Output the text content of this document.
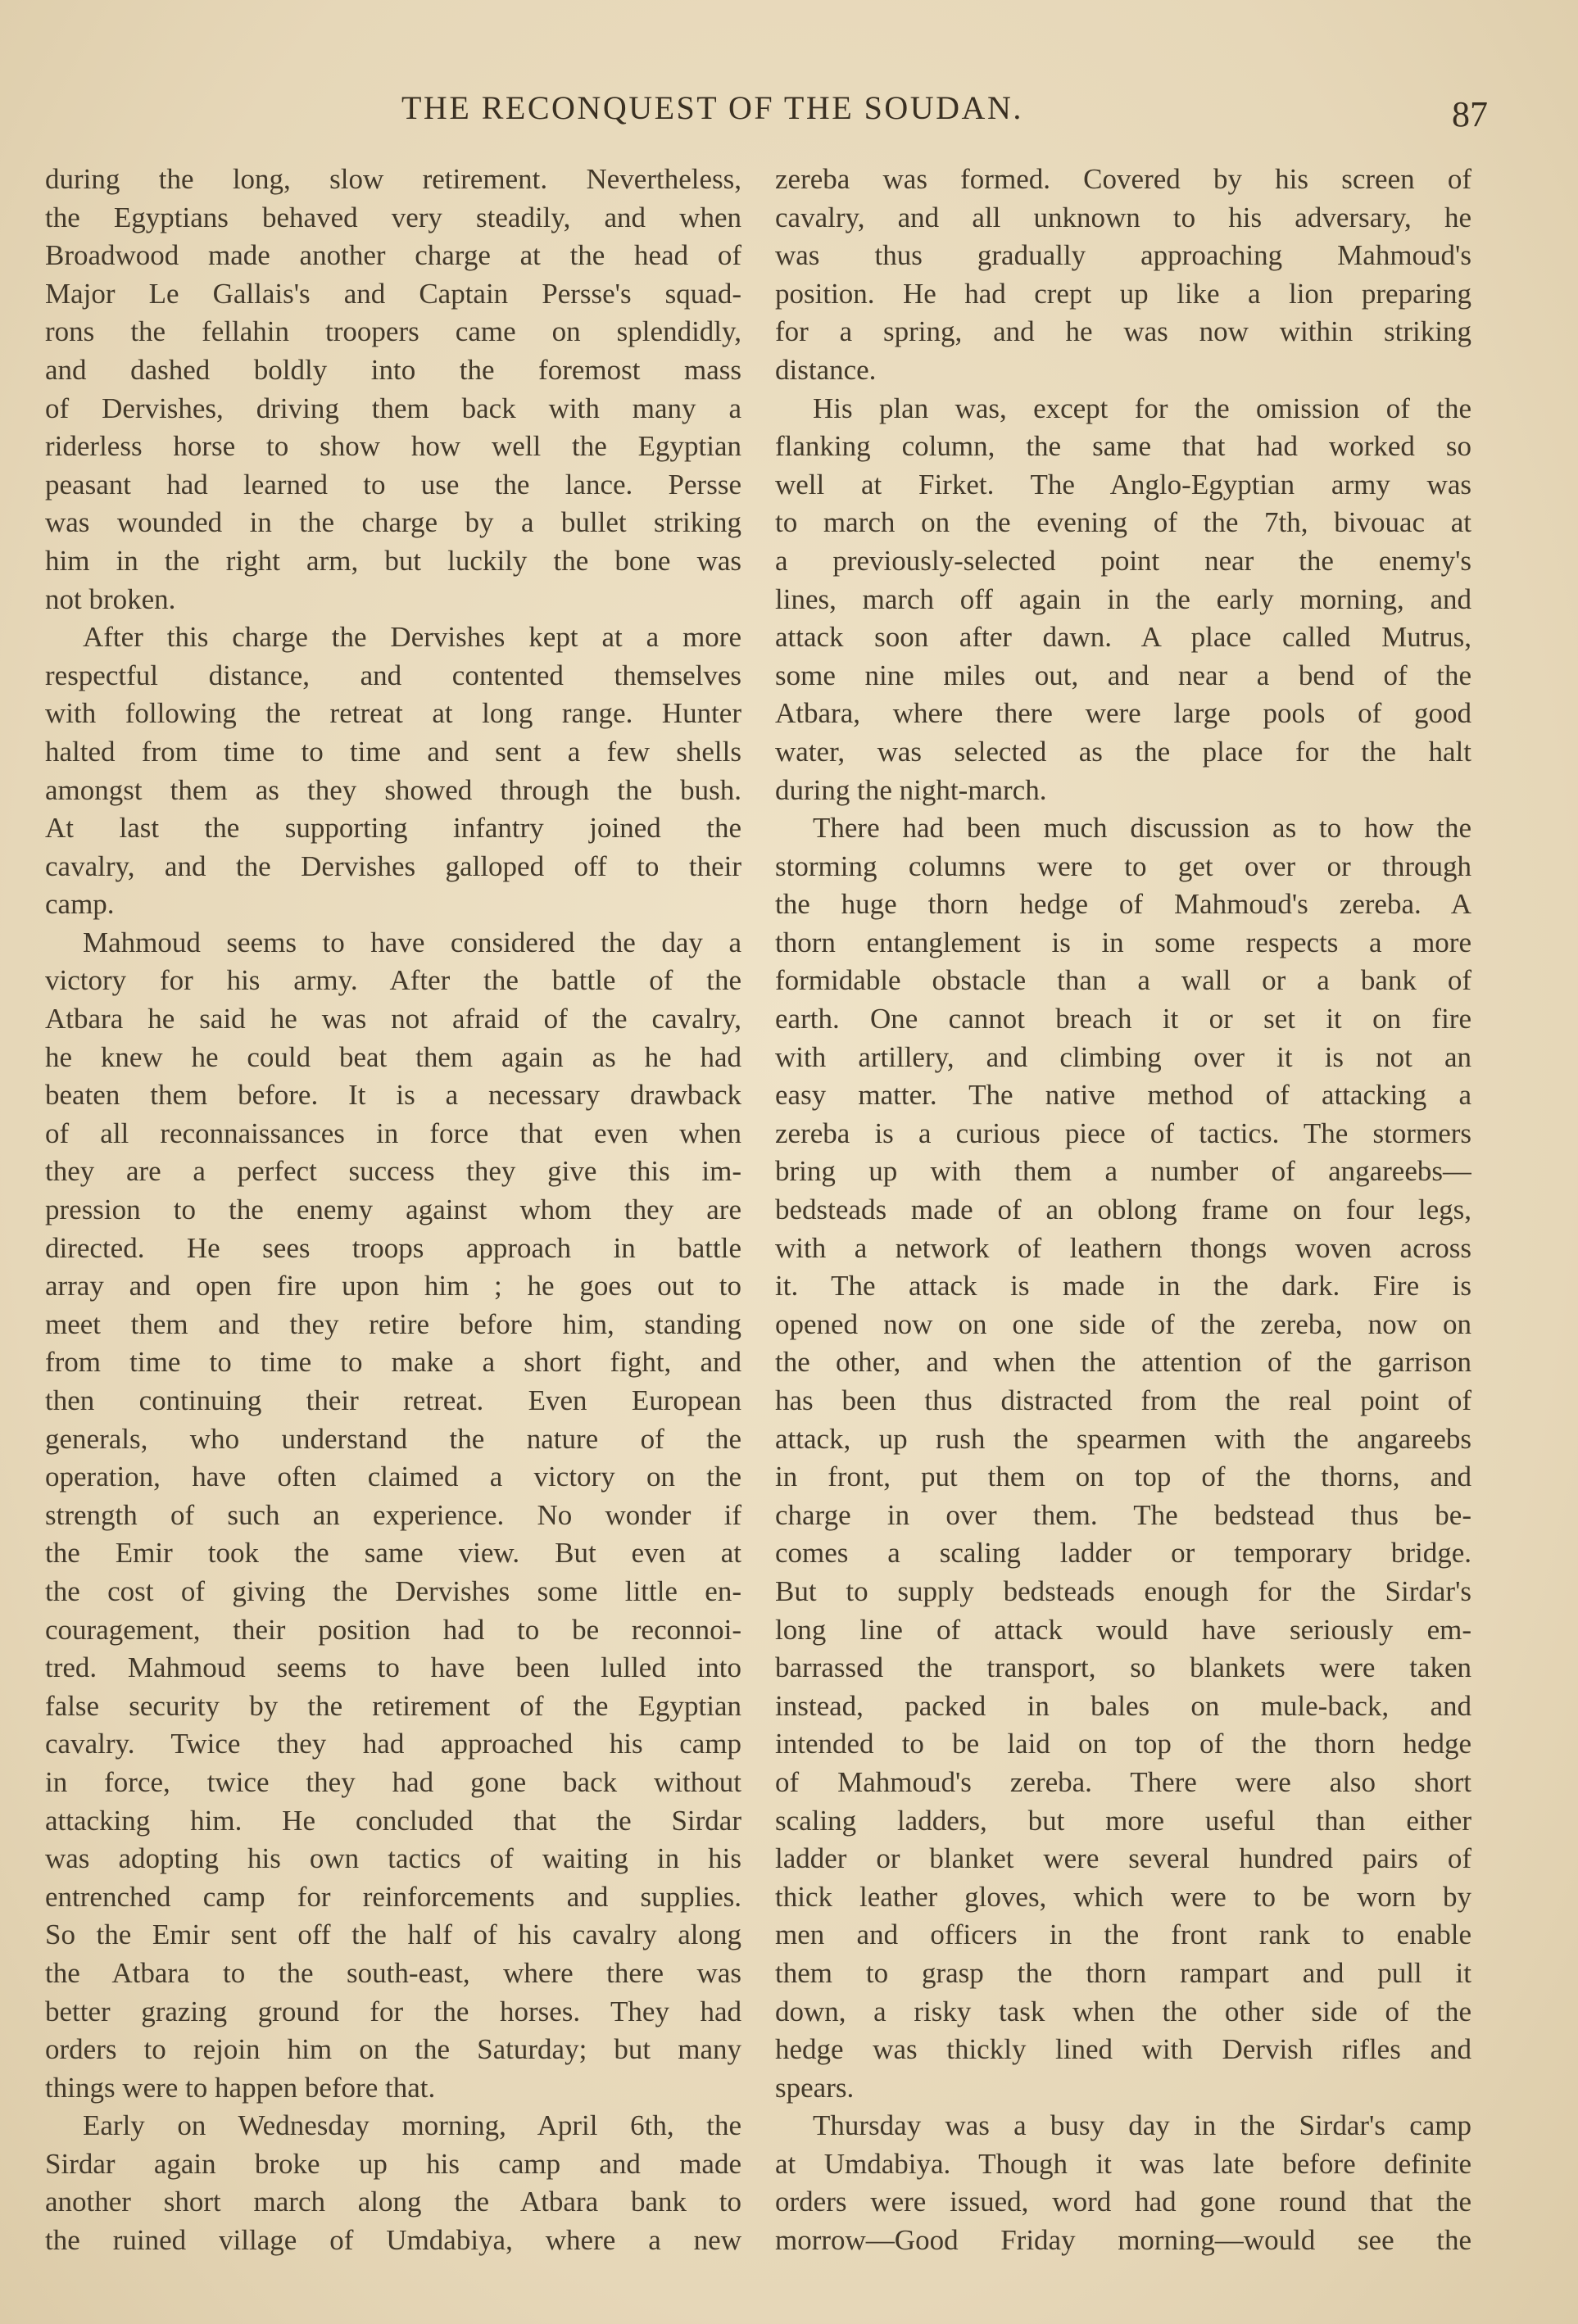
THE RECONQUEST OF THE SOUDAN.	87
during the long, slow retirement. Nevertheless,
the Egyptians behaved very steadily, and when
Broadwood made another charge at the head of
Major Le Gallais's and Captain Persse's squad-
rons the fellahin troopers came on splendidly,
and dashed boldly into the foremost mass
of Dervishes, driving them back with many a
riderless horse to show how well the Egyptian
peasant had learned to use the lance. Persse
was wounded in the charge by a bullet striking
him in the right arm, but luckily the bone was
not broken.
After this charge the Dervishes kept at a more
respectful distance, and contented themselves
with following the retreat at long range. Hunter
halted from time to time and sent a few shells
amongst them as they showed through the bush.
At last the supporting infantry joined the
cavalry, and the Dervishes galloped off to their
camp.
Mahmoud seems to have considered the day a
victory for his army. After the battle of the
Atbara he said he was not afraid of the cavalry,
he knew he could beat them again as he had
beaten them before. It is a necessary drawback
of all reconnaissances in force that even when
they are a perfect success they give this im-
pression to the enemy against whom they are
directed. He sees troops approach in battle
array and open fire upon him ; he goes out to
meet them and they retire before him, standing
from time to time to make a short fight, and
then continuing their retreat. Even European
generals, who understand the nature of the
operation, have often claimed a victory on the
strength of such an experience. No wonder if
the Emir took the same view. But even at
the cost of giving the Dervishes some little en-
couragement, their position had to be reconnoi-
tred. Mahmoud seems to have been lulled into
false security by the retirement of the Egyptian
cavalry. Twice they had approached his camp
in force, twice they had gone back without
attacking him. He concluded that the Sirdar
was adopting his own tactics of waiting in his
entrenched camp for reinforcements and supplies.
So the Emir sent off the half of his cavalry along
the Atbara to the south-east, where there was
better grazing ground for the horses. They had
orders to rejoin him on the Saturday; but many
things were to happen before that.
Early on Wednesday morning, April 6th, the
Sirdar again broke up his camp and made
another short march along the Atbara bank to
the ruined village of Umdabiya, where a new
zereba was formed. Covered by his screen of
cavalry, and all unknown to his adversary, he
was thus gradually approaching Mahmoud's
position. He had crept up like a lion preparing
for a spring, and he was now within striking
distance.
His plan was, except for the omission of the
flanking column, the same that had worked so
well at Firket. The Anglo-Egyptian army was
to march on the evening of the 7th, bivouac at
a previously-selected point near the enemy's
lines, march off again in the early morning, and
attack soon after dawn. A place called Mutrus,
some nine miles out, and near a bend of the
Atbara, where there were large pools of good
water, was selected as the place for the halt
during the night-march.
There had been much discussion as to how the
storming columns were to get over or through
the huge thorn hedge of Mahmoud's zereba. A
thorn entanglement is in some respects a more
formidable obstacle than a wall or a bank of
earth. One cannot breach it or set it on fire
with artillery, and climbing over it is not an
easy matter. The native method of attacking a
zereba is a curious piece of tactics. The stormers
bring up with them a number of angareebs—
bedsteads made of an oblong frame on four legs,
with a network of leathern thongs woven across
it. The attack is made in the dark. Fire is
opened now on one side of the zereba, now on
the other, and when the attention of the garrison
has been thus distracted from the real point of
attack, up rush the spearmen with the angareebs
in front, put them on top of the thorns, and
charge in over them. The bedstead thus be-
comes a scaling ladder or temporary bridge.
But to supply bedsteads enough for the Sirdar's
long line of attack would have seriously em-
barrassed the transport, so blankets were taken
instead, packed in bales on mule-back, and
intended to be laid on top of the thorn hedge
of Mahmoud's zereba. There were also short
scaling ladders, but more useful than either
ladder or blanket were several hundred pairs of
thick leather gloves, which were to be worn by
men and officers in the front rank to enable
them to grasp the thorn rampart and pull it
down, a risky task when the other side of the
hedge was thickly lined with Dervish rifles and
spears.
Thursday was a busy day in the Sirdar's camp
at Umdabiya. Though it was late before definite
orders were issued, word had gone round that the
morrow—Good Friday morning—would see the
